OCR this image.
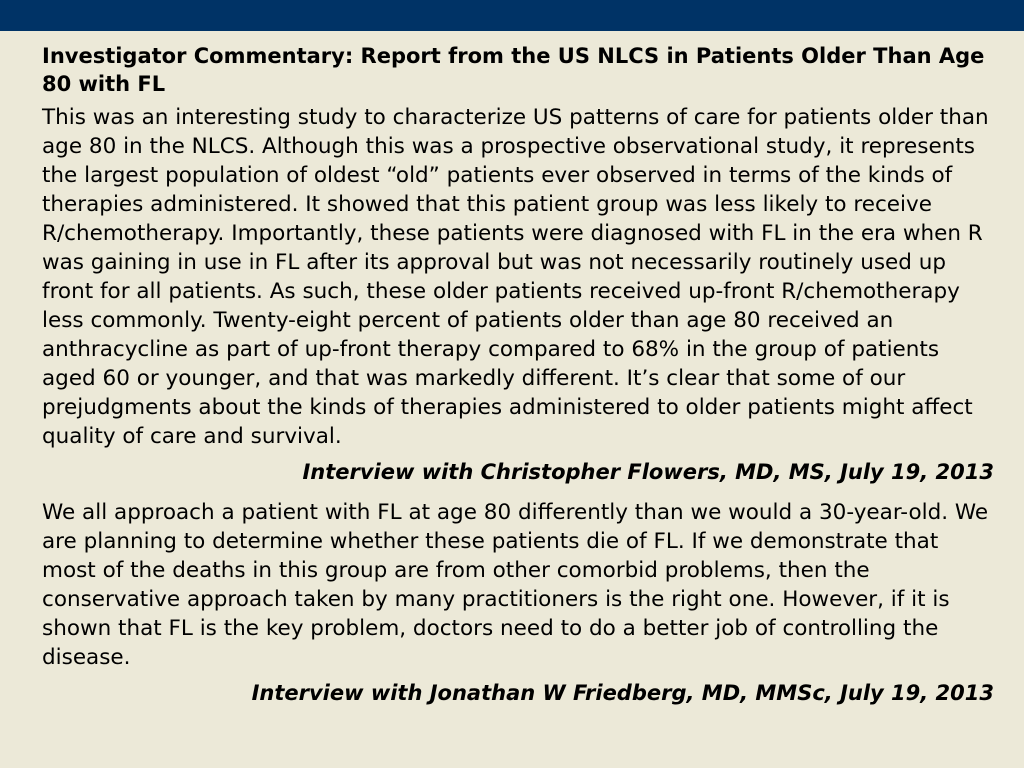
Investigator Commentary: Report from the US NLCS in Patients Older Than Age 80 with FL

This was an interesting study to characterize US patterns of care for patients older than age 80 in the NLCS. Although this was a prospective observational study, it represents the largest population of oldest “old” patients ever observed in terms of the kinds of therapies administered. It showed that this patient group was less likely to receive R/chemotherapy. Importantly, these patients were diagnosed with FL in the era when R was gaining in use in FL after its approval but was not necessarily routinely used up front for all patients. As such, these older patients received up-front R/chemotherapy less commonly. Twenty-eight percent of patients older than age 80 received an anthracycline as part of up-front therapy compared to 68% in the group of patients aged 60 or younger, and that was markedly different. It’s clear that some of our prejudgments about the kinds of therapies administered to older patients might affect quality of care and survival.

Interview with Christopher Flowers, MD, MS, July 19, 2013

We all approach a patient with FL at age 80 differently than we would a 30-year-old. We are planning to determine whether these patients die of FL. If we demonstrate that most of the deaths in this group are from other comorbid problems, then the conservative approach taken by many practitioners is the right one. However, if it is shown that FL is the key problem, doctors need to do a better job of controlling the disease.

Interview with Jonathan W Friedberg, MD, MMSc, July 19, 2013
